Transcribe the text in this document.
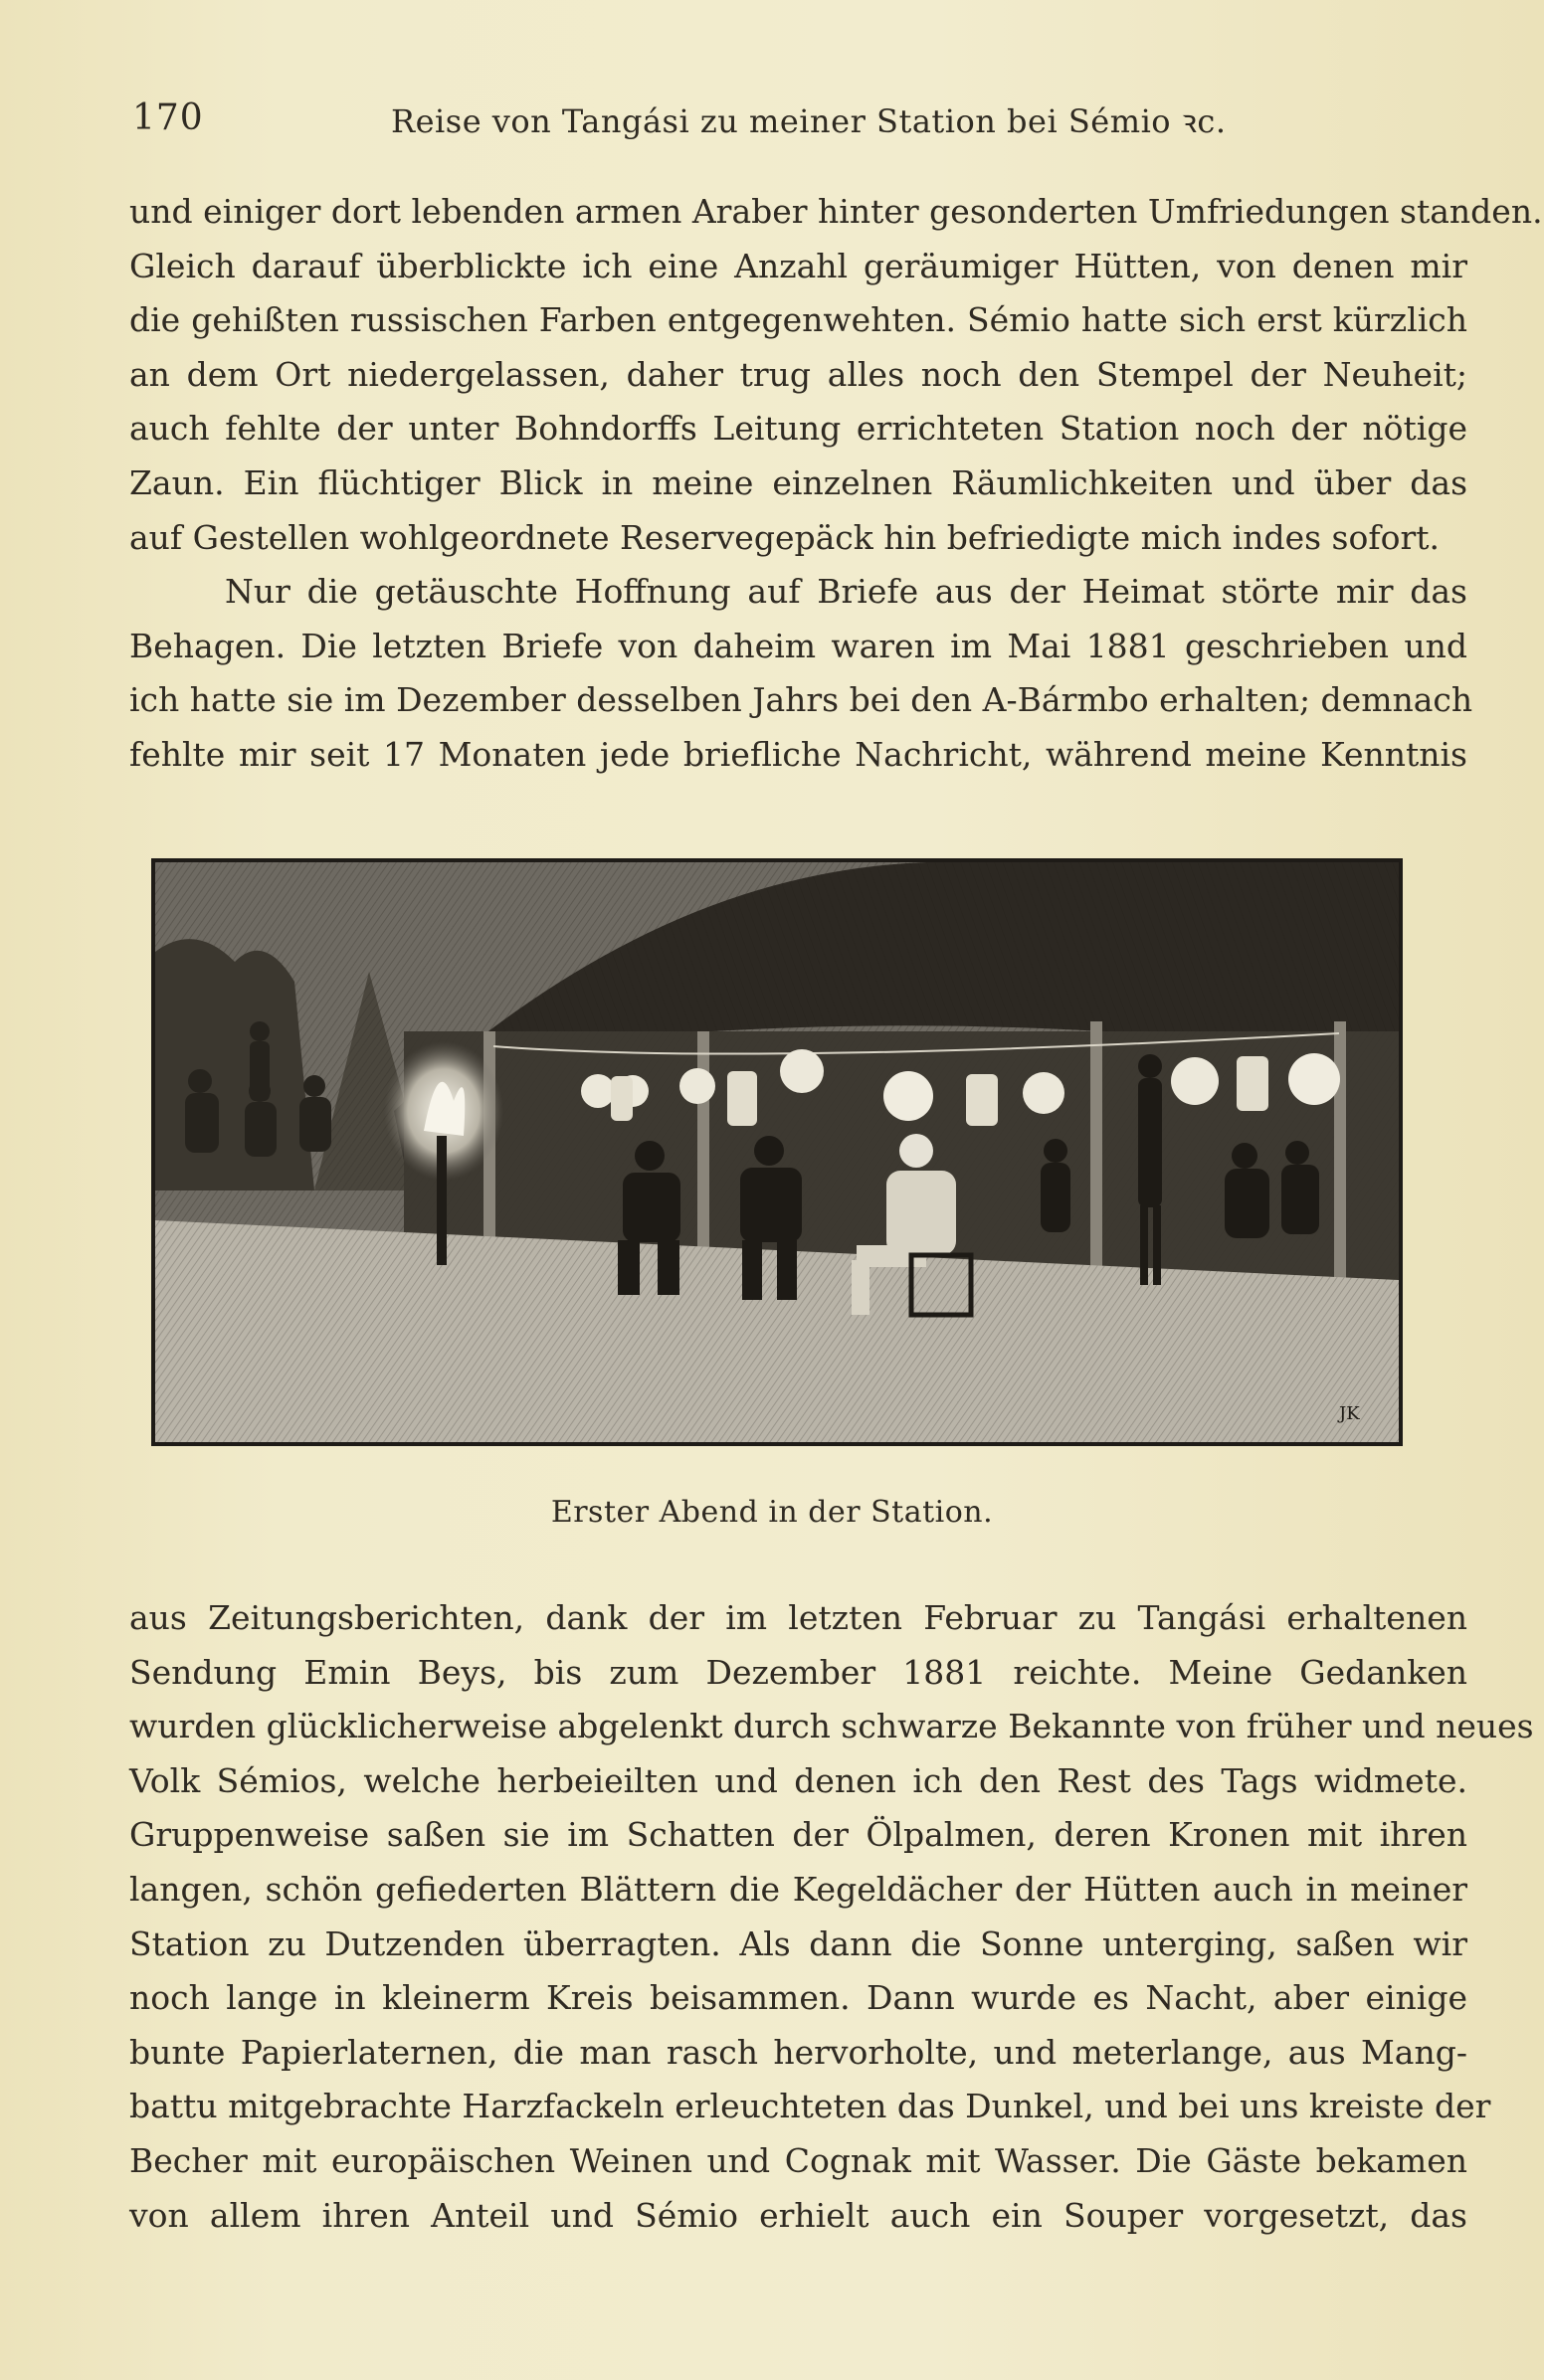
170	Reise von Tangási zu meiner Station bei Sémio ꝛc.
und einiger dort lebenden armen Araber hinter gesonderten Umfriedungen standen.
Gleich darauf überblickte ich eine Anzahl geräumiger Hütten, von denen mir
die gehißten russischen Farben entgegenwehten. Sémio hatte sich erst kürzlich
an dem Ort niedergelassen, daher trug alles noch den Stempel der Neuheit;
auch fehlte der unter Bohndorffs Leitung errichteten Station noch der nötige
Zaun. Ein flüchtiger Blick in meine einzelnen Räumlichkeiten und über das
auf Gestellen wohlgeordnete Reservegepäck hin befriedigte mich indes sofort.
Nur die getäuschte Hoffnung auf Briefe aus der Heimat störte mir das
Behagen. Die letzten Briefe von daheim waren im Mai 1881 geschrieben und
ich hatte sie im Dezember desselben Jahrs bei den A-Bármbo erhalten; demnach
fehlte mir seit 17 Monaten jede briefliche Nachricht, während meine Kenntnis
JK
Erster Abend in der Station.
aus Zeitungsberichten, dank der im letzten Februar zu Tangási erhaltenen
Sendung Emin Beys, bis zum Dezember 1881 reichte. Meine Gedanken
wurden glücklicherweise abgelenkt durch schwarze Bekannte von früher und neues
Volk Sémios, welche herbeieilten und denen ich den Rest des Tags widmete.
Gruppenweise saßen sie im Schatten der Ölpalmen, deren Kronen mit ihren
langen, schön gefiederten Blättern die Kegeldächer der Hütten auch in meiner
Station zu Dutzenden überragten. Als dann die Sonne unterging, saßen wir
noch lange in kleinerm Kreis beisammen. Dann wurde es Nacht, aber einige
bunte Papierlaternen, die man rasch hervorholte, und meterlange, aus Mang-
battu mitgebrachte Harzfackeln erleuchteten das Dunkel, und bei uns kreiste der
Becher mit europäischen Weinen und Cognak mit Wasser. Die Gäste bekamen
von allem ihren Anteil und Sémio erhielt auch ein Souper vorgesetzt, das
